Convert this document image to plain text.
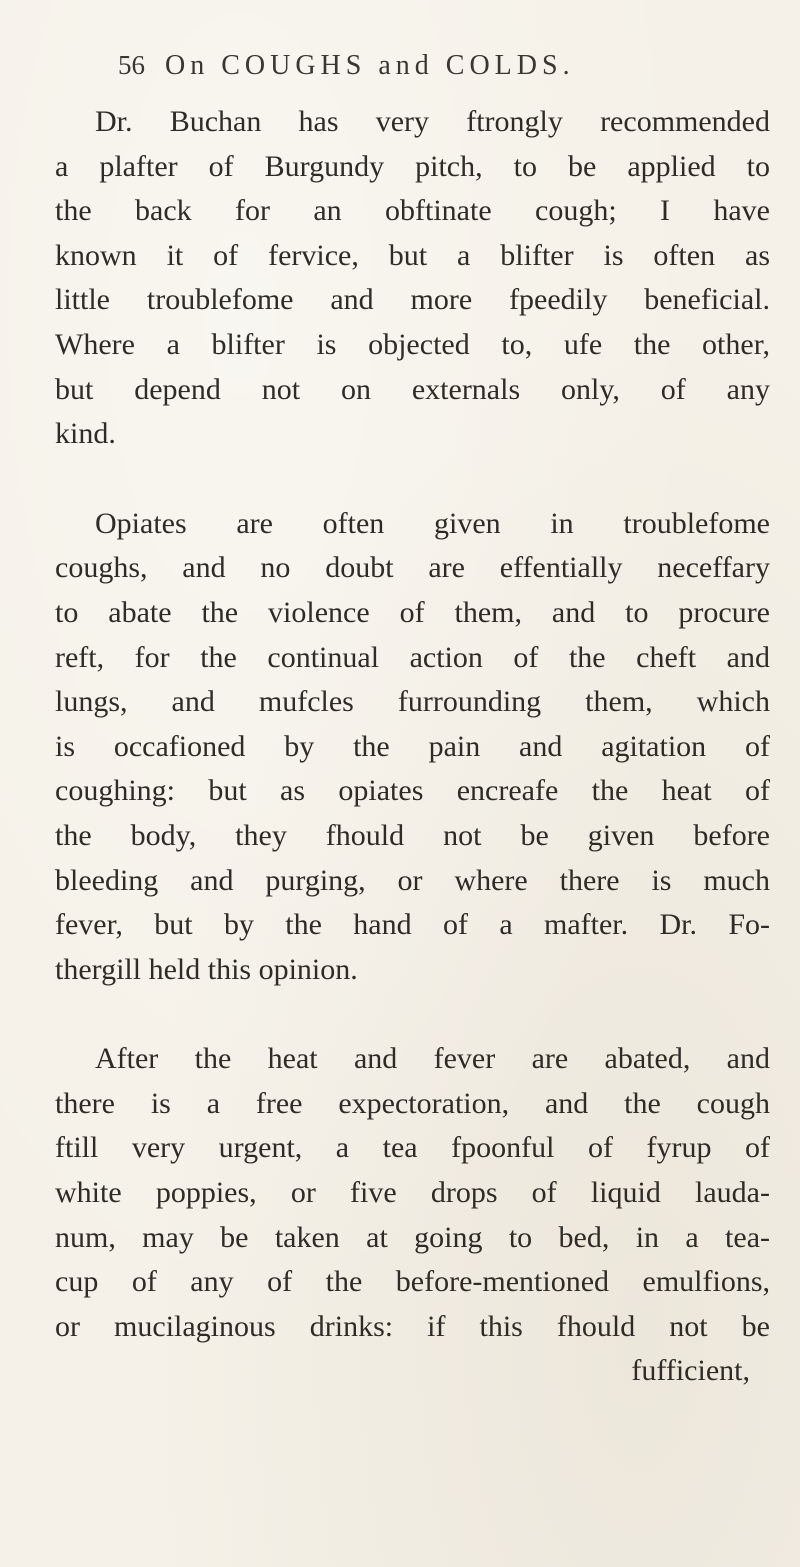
56 On COUGHS and COLDS.

Dr. Buchan has very ftrongly recommended
a plafter of Burgundy pitch, to be applied to
the back for an obftinate cough; I have
known it of fervice, but a blifter is often as
little troublefome and more fpeedily beneficial.
Where a blifter is objected to, ufe the other,
but depend not on externals only, of any
kind.

Opiates are often given in troublefome
coughs, and no doubt are effentially neceffary
to abate the violence of them, and to procure
reft, for the continual action of the cheft and
lungs, and mufcles furrounding them, which
is occafioned by the pain and agitation of
coughing: but as opiates encreafe the heat of
the body, they fhould not be given before
bleeding and purging, or where there is much
fever, but by the hand of a mafter. Dr. Fo-
thergill held this opinion.

After the heat and fever are abated, and
there is a free expectoration, and the cough
ftill very urgent, a tea fpoonful of fyrup of
white poppies, or five drops of liquid lauda-
num, may be taken at going to bed, in a tea-
cup of any of the before-mentioned emulfions,
or mucilaginous drinks: if this fhould not be

fufficient,
